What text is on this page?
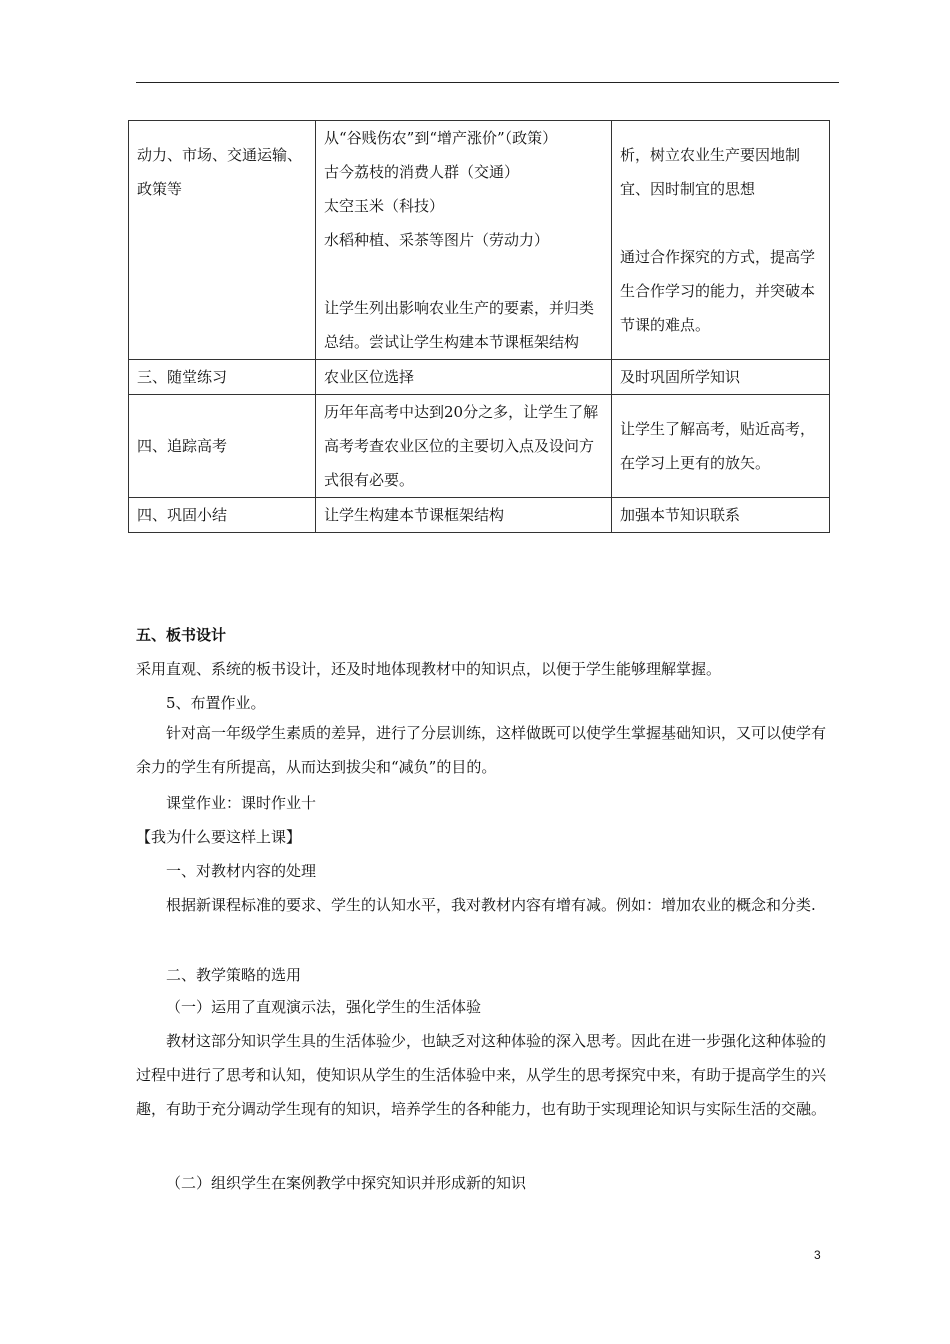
动力、市场、交通运输、政策等	从“谷贱伤农”到“增产涨价”（政策）
古今荔枝的消费人群（交通）
太空玉米（科技）
水稻种植、采茶等图片（劳动力）
让学生列出影响农业生产的要素，并归类总结。尝试让学生构建本节课框架结构	析，树立农业生产要因地制宜、因时制宜的思想
通过合作探究的方式，提高学生合作学习的能力，并突破本节课的难点。

三、随堂练习	农业区位选择	及时巩固所学知识
四、追踪高考	历年年高考中达到20分之多，让学生了解高考考查农业区位的主要切入点及设问方式很有必要。	让学生了解高考，贴近高考，在学习上更有的放矢。
四、巩固小结	让学生构建本节课框架结构	加强本节知识联系

五、板书设计

采用直观、系统的板书设计，还及时地体现教材中的知识点，以便于学生能够理解掌握。

5、布置作业。

针对高一年级学生素质的差异，进行了分层训练，这样做既可以使学生掌握基础知识，又可以使学有余力的学生有所提高，从而达到拔尖和“减负”的目的。

课堂作业：课时作业十

【我为什么要这样上课】

一、对教材内容的处理

根据新课程标准的要求、学生的认知水平，我对教材内容有增有减。例如：增加农业的概念和分类.

二、教学策略的选用

（一）运用了直观演示法，强化学生的生活体验

教材这部分知识学生具的生活体验少，也缺乏对这种体验的深入思考。因此在进一步强化这种体验的过程中进行了思考和认知，使知识从学生的生活体验中来，从学生的思考探究中来，有助于提高学生的兴趣，有助于充分调动学生现有的知识，培养学生的各种能力，也有助于实现理论知识与实际生活的交融。

（二）组织学生在案例教学中探究知识并形成新的知识

3
